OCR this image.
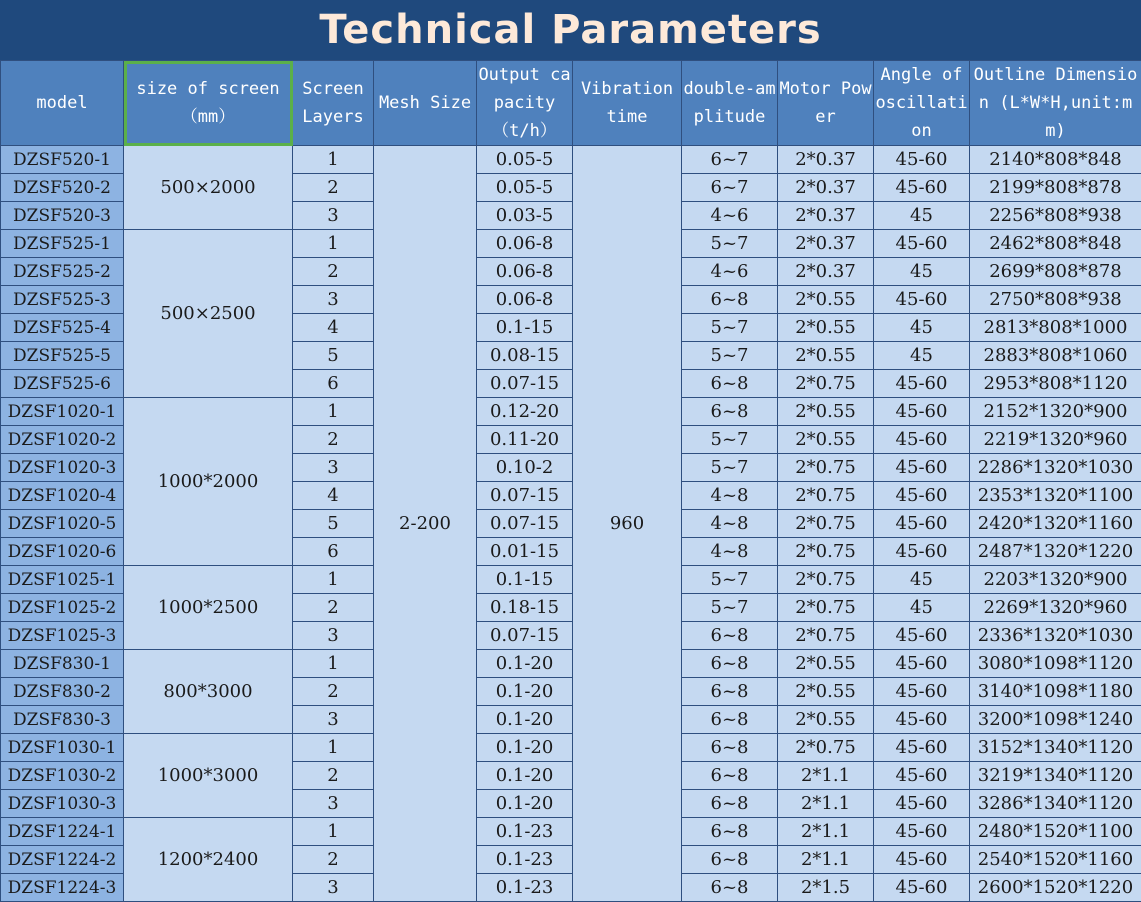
Technical Parameters
model	size of screen （mm）	Screen Layers	Mesh Size	Output capacity （t/h）	Vibration time	double-amplitude	Motor Power	Angle of oscillation	Outline Dimension (L*W*H,unit:mm)
DZSF520-1	500×2000	1	2-200	0.05-5	960	6~7	2*0.37	45-60	2140*808*848
DZSF520-2		2		0.05-5		6~7	2*0.37	45-60	2199*808*878
DZSF520-3		3		0.03-5		4~6	2*0.37	45	2256*808*938
DZSF525-1	500×2500	1		0.06-8		5~7	2*0.37	45-60	2462*808*848
DZSF525-2		2		0.06-8		4~6	2*0.37	45	2699*808*878
DZSF525-3		3		0.06-8		6~8	2*0.55	45-60	2750*808*938
DZSF525-4		4		0.1-15		5~7	2*0.55	45	2813*808*1000
DZSF525-5		5		0.08-15		5~7	2*0.55	45	2883*808*1060
DZSF525-6		6		0.07-15		6~8	2*0.75	45-60	2953*808*1120
DZSF1020-1	1000*2000	1		0.12-20		6~8	2*0.55	45-60	2152*1320*900
DZSF1020-2		2		0.11-20		5~7	2*0.55	45-60	2219*1320*960
DZSF1020-3		3		0.10-2		5~7	2*0.75	45-60	2286*1320*1030
DZSF1020-4		4		0.07-15		4~8	2*0.75	45-60	2353*1320*1100
DZSF1020-5		5		0.07-15		4~8	2*0.75	45-60	2420*1320*1160
DZSF1020-6		6		0.01-15		4~8	2*0.75	45-60	2487*1320*1220
DZSF1025-1	1000*2500	1		0.1-15		5~7	2*0.75	45	2203*1320*900
DZSF1025-2		2		0.18-15		5~7	2*0.75	45	2269*1320*960
DZSF1025-3		3		0.07-15		6~8	2*0.75	45-60	2336*1320*1030
DZSF830-1	800*3000	1		0.1-20		6~8	2*0.55	45-60	3080*1098*1120
DZSF830-2		2		0.1-20		6~8	2*0.55	45-60	3140*1098*1180
DZSF830-3		3		0.1-20		6~8	2*0.55	45-60	3200*1098*1240
DZSF1030-1	1000*3000	1		0.1-20		6~8	2*0.75	45-60	3152*1340*1120
DZSF1030-2		2		0.1-20		6~8	2*1.1	45-60	3219*1340*1120
DZSF1030-3		3		0.1-20		6~8	2*1.1	45-60	3286*1340*1120
DZSF1224-1	1200*2400	1		0.1-23		6~8	2*1.1	45-60	2480*1520*1100
DZSF1224-2		2		0.1-23		6~8	2*1.1	45-60	2540*1520*1160
DZSF1224-3		3		0.1-23		6~8	2*1.5	45-60	2600*1520*1220
